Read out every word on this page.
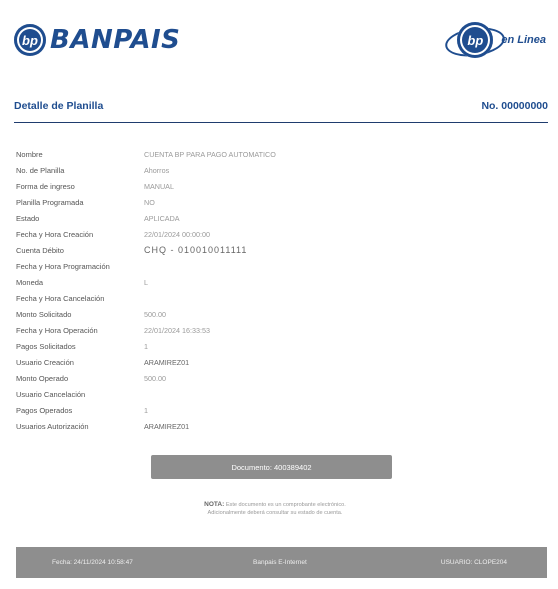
bp BANPAIS	bp	en Linea
Detalle de Planilla	No. 00000000
Nombre	CUENTA BP PARA PAGO AUTOMATICO
No. de Planilla	Ahorros
Forma de ingreso	MANUAL
Planilla Programada	NO
Estado	APLICADA
Fecha y Hora Creación	22/01/2024 00:00:00
Cuenta Débito	CHQ - 010010011111
Fecha y Hora Programación
Moneda	L
Fecha y Hora Cancelación
Monto Solicitado	500.00
Fecha y Hora Operación	22/01/2024 16:33:53
Pagos Solicitados	1
Usuario Creación	ARAMIREZ01
Monto Operado	500.00
Usuario Cancelación
Pagos Operados	1
Usuarios Autorización	ARAMIREZ01
Documento: 400389402
NOTA: Este documento es un comprobante electrónico.
Adicionalmente deberá consultar su estado de cuenta.
Fecha: 24/11/2024 10:58:47	Banpais E-Internet	USUARIO: CLOPE204
